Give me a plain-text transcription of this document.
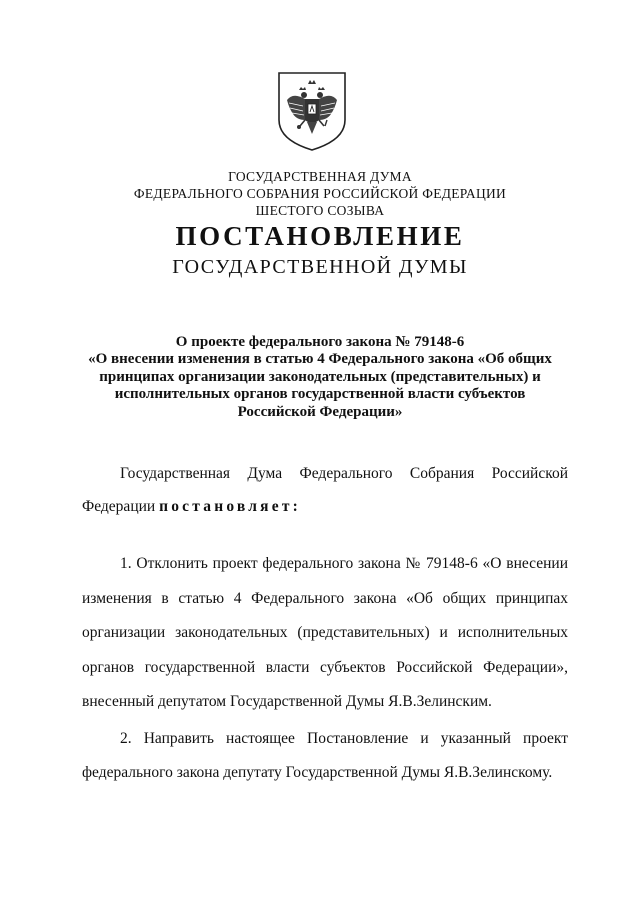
ГОСУДАРСТВЕННАЯ ДУМА
ФЕДЕРАЛЬНОГО СОБРАНИЯ РОССИЙСКОЙ ФЕДЕРАЦИИ
ШЕСТОГО СОЗЫВА
ПОСТАНОВЛЕНИЕ
ГОСУДАРСТВЕННОЙ ДУМЫ
О проекте федерального закона № 79148-6
«О внесении изменения в статью 4 Федерального закона «Об общих
принципах организации законодательных (представительных) и
исполнительных органов государственной власти субъектов
Российской Федерации»
Государственная Дума Федерального Собрания Российской
Федерации постановляет:
1. Отклонить проект федерального закона № 79148-6 «О внесении
изменения в статью 4 Федерального закона «Об общих принципах
организации законодательных (представительных) и исполнительных
органов государственной власти субъектов Российской Федерации»,
внесенный депутатом Государственной Думы Я.В.Зелинским.
2. Направить настоящее Постановление и указанный проект
федерального закона депутату Государственной Думы Я.В.Зелинскому.
